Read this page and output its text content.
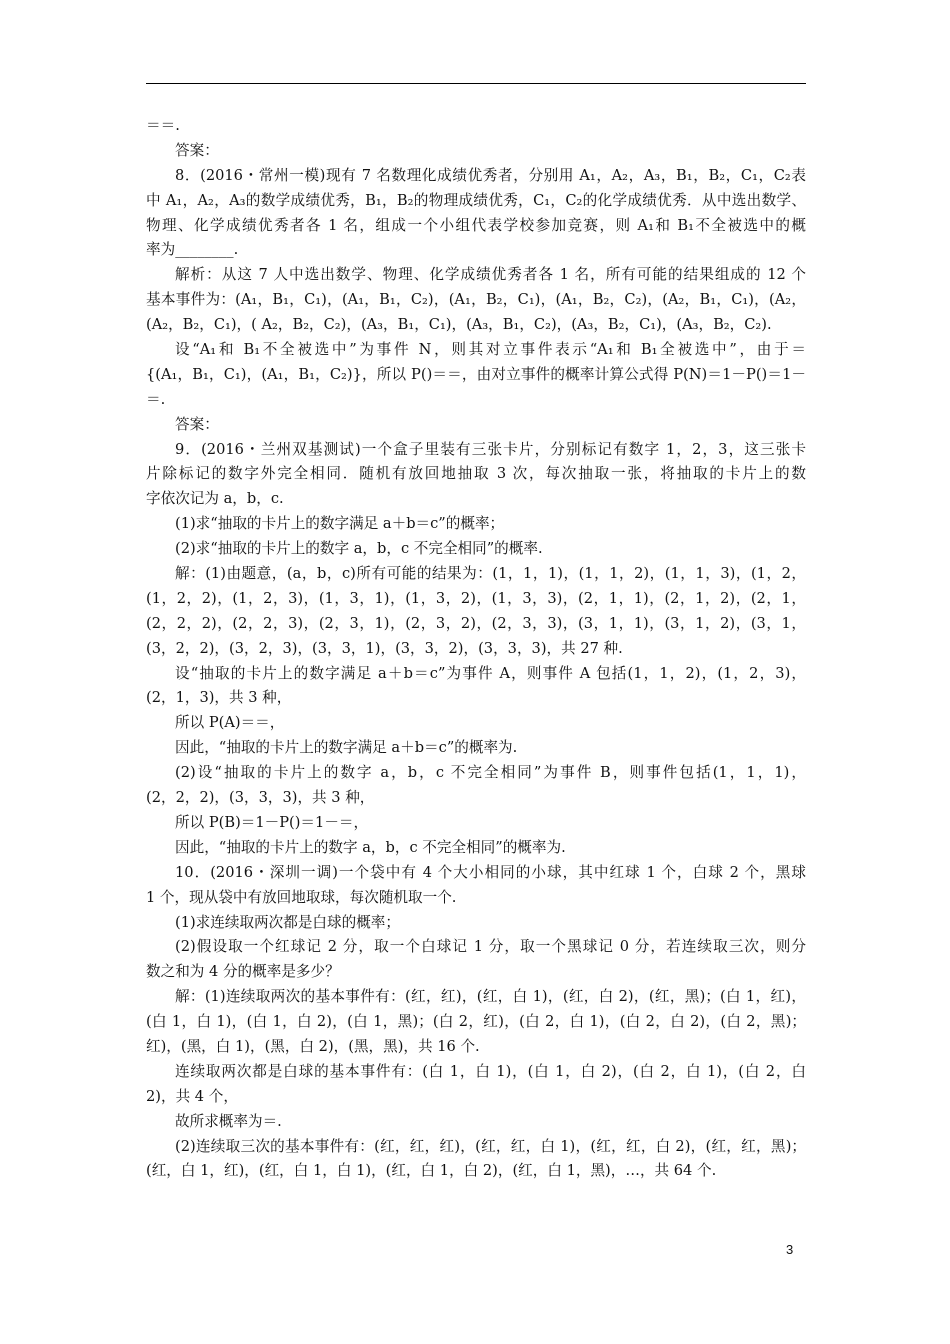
＝＝.
答案：
8．(2016・常州一模)现有 7 名数理化成绩优秀者，分别用 A₁，A₂，A₃，B₁，B₂，C₁，C₂表
中 A₁，A₂，A₃的数学成绩优秀，B₁，B₂的物理成绩优秀，C₁，C₂的化学成绩优秀．从中选出数学、
物理、化学成绩优秀者各 1 名，组成一个小组代表学校参加竞赛，则 A₁和 B₁不全被选中的概
率为________.
解析：从这 7 人中选出数学、物理、化学成绩优秀者各 1 名，所有可能的结果组成的 12 个
基本事件为：(A₁，B₁，C₁)，(A₁，B₁，C₂)，(A₁，B₂，C₁)，(A₁，B₂，C₂)，(A₂，B₁，C₁)，(A₂，
(A₂，B₂，C₁)，( A₂，B₂，C₂)，(A₃，B₁，C₁)，(A₃，B₁，C₂)，(A₃，B₂，C₁)，(A₃，B₂，C₂).
设“A₁和 B₁不全被选中”为事件 N，则其对立事件表示“A₁和 B₁全被选中”，由于＝
{(A₁，B₁，C₁)，(A₁，B₁，C₂)}，所以 P()＝＝，由对立事件的概率计算公式得 P(N)＝1－P()＝1－
＝.
答案：
9．(2016・兰州双基测试)一个盒子里装有三张卡片，分别标记有数字 1，2，3，这三张卡
片除标记的数字外完全相同．随机有放回地抽取 3 次，每次抽取一张，将抽取的卡片上的数
字依次记为 a，b，c.
(1)求“抽取的卡片上的数字满足 a＋b＝c”的概率；
(2)求“抽取的卡片上的数字 a，b，c 不完全相同”的概率.
解：(1)由题意，(a，b，c)所有可能的结果为：(1，1，1)，(1，1，2)，(1，1，3)，(1，2，
(1，2，2)，(1，2，3)，(1，3，1)，(1，3，2)，(1，3，3)，(2，1，1)，(2，1，2)，(2，1，
(2，2，2)，(2，2，3)，(2，3，1)，(2，3，2)，(2，3，3)，(3，1，1)，(3，1，2)，(3，1，
(3，2，2)，(3，2，3)，(3，3，1)，(3，3，2)，(3，3，3)，共 27 种.
设“抽取的卡片上的数字满足 a＋b＝c”为事件 A，则事件 A 包括(1，1，2)，(1，2，3)，
(2，1，3)，共 3 种，
所以 P(A)＝＝，
因此，“抽取的卡片上的数字满足 a＋b＝c”的概率为.
(2)设“抽取的卡片上的数字 a，b，c 不完全相同”为事件 B，则事件包括(1，1，1)，
(2，2，2)，(3，3，3)，共 3 种，
所以 P(B)＝1－P()＝1－＝，
因此，“抽取的卡片上的数字 a，b，c 不完全相同”的概率为.
10．(2016・深圳一调)一个袋中有 4 个大小相同的小球，其中红球 1 个，白球 2 个，黑球
1 个，现从袋中有放回地取球，每次随机取一个.
(1)求连续取两次都是白球的概率；
(2)假设取一个红球记 2 分，取一个白球记 1 分，取一个黑球记 0 分，若连续取三次，则分
数之和为 4 分的概率是多少？
解：(1)连续取两次的基本事件有：(红，红)，(红，白 1)，(红，白 2)，(红，黑)；(白 1，红)，
(白 1，白 1)，(白 1，白 2)，(白 1，黑)；(白 2，红)，(白 2，白 1)，(白 2，白 2)，(白 2，黑)；
红)，(黑，白 1)，(黑，白 2)，(黑，黑)，共 16 个.
连续取两次都是白球的基本事件有：(白 1，白 1)，(白 1，白 2)，(白 2，白 1)，(白 2，白
2)，共 4 个，
故所求概率为＝.
(2)连续取三次的基本事件有：(红，红，红)，(红，红，白 1)，(红，红，白 2)，(红，红，黑)；
(红，白 1，红)，(红，白 1，白 1)，(红，白 1，白 2)，(红，白 1，黑)，…，共 64 个.
3
